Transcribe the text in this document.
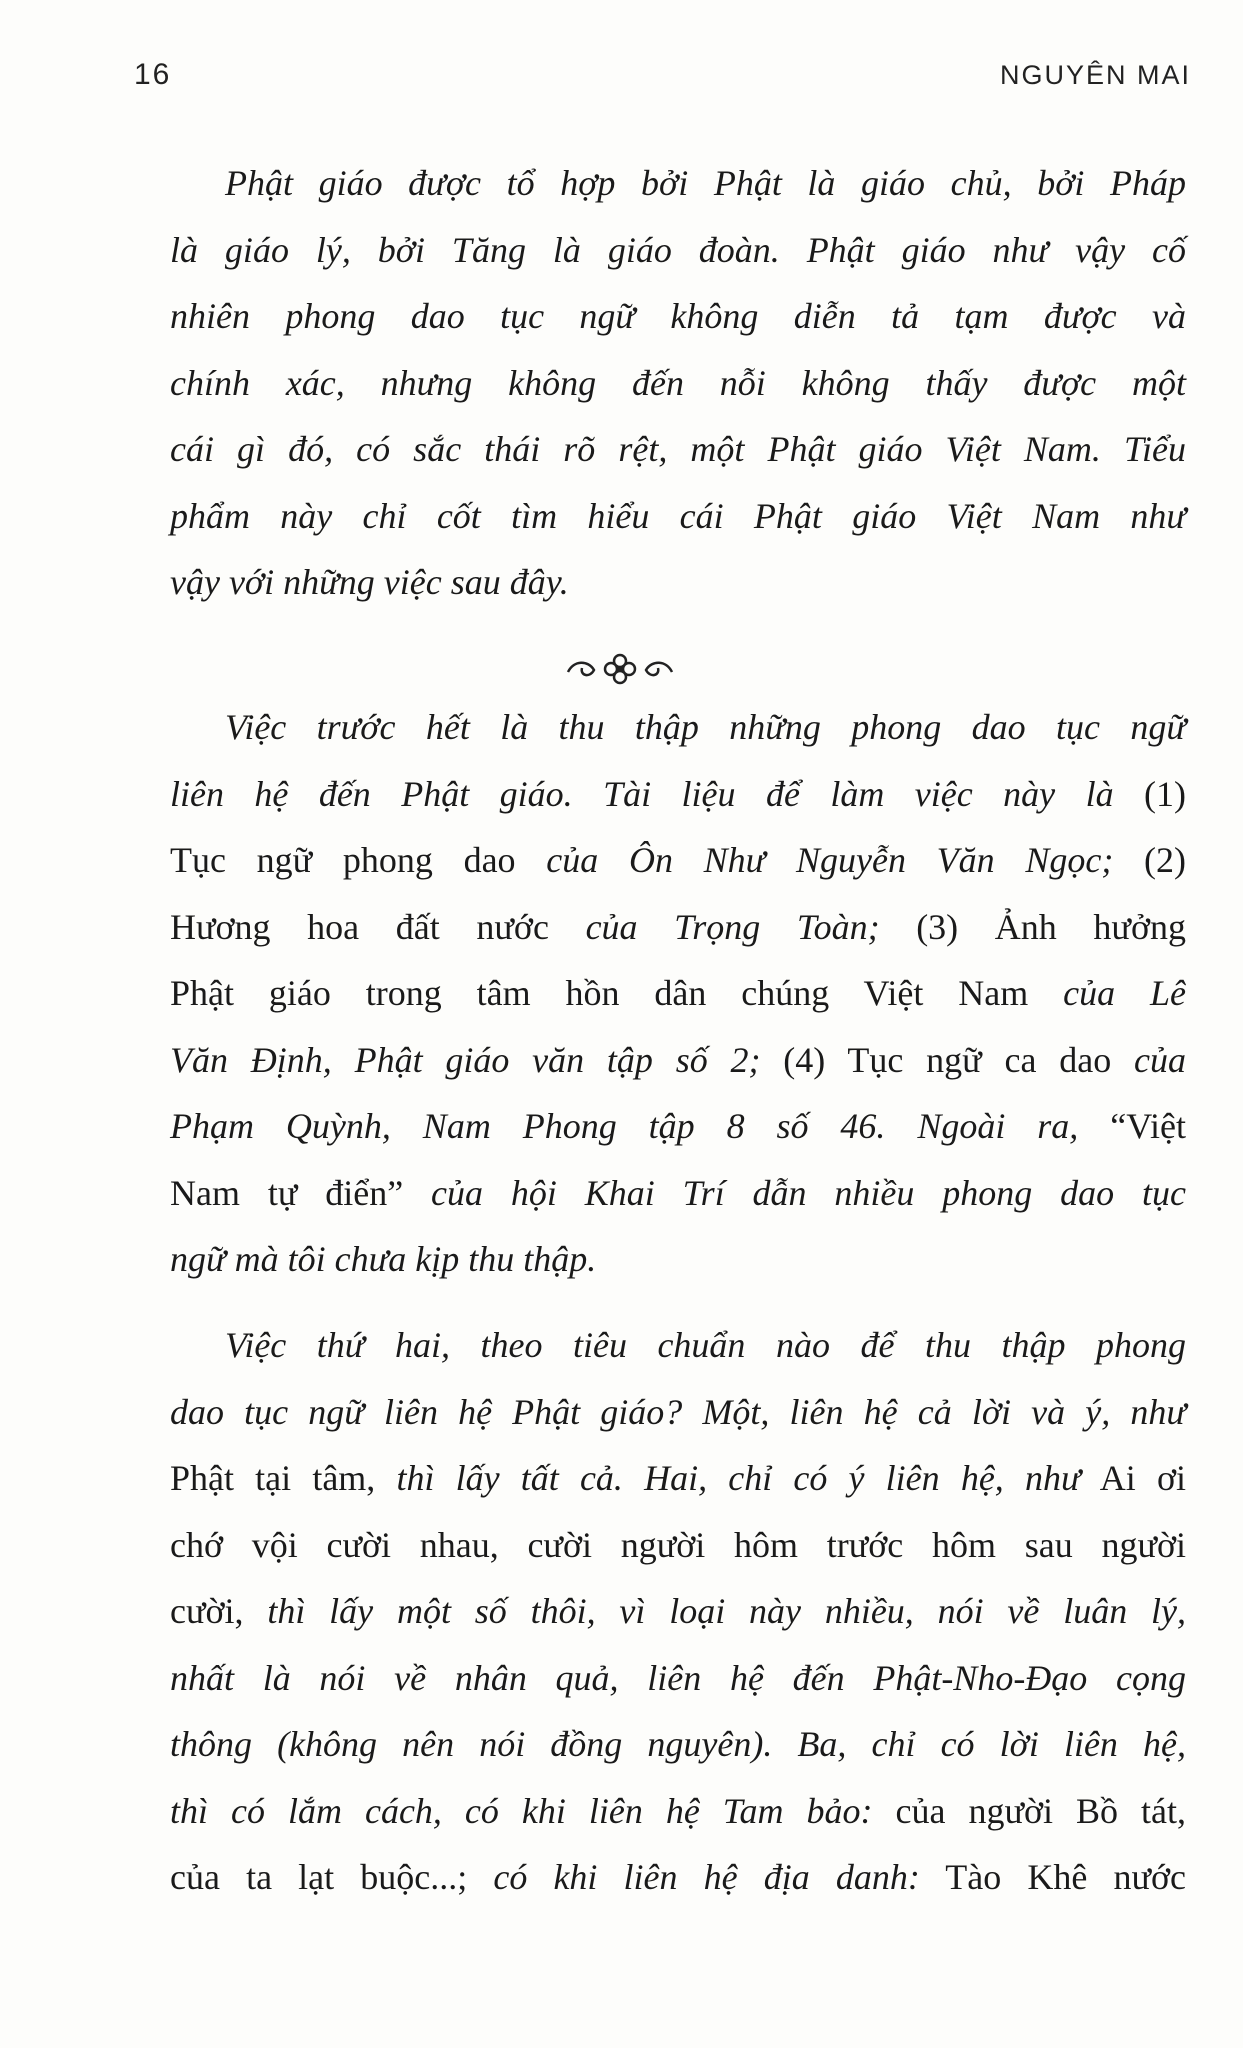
16	NGUYÊN MAI
Phật giáo được tổ hợp bởi Phật là giáo chủ, bởi Pháp
là giáo lý, bởi Tăng là giáo đoàn. Phật giáo như vậy cố
nhiên phong dao tục ngữ không diễn tả tạm được và
chính xác, nhưng không đến nỗi không thấy được một
cái gì đó, có sắc thái rõ rệt, một Phật giáo Việt Nam. Tiểu
phẩm này chỉ cốt tìm hiểu cái Phật giáo Việt Nam như
vậy với những việc sau đây.
Việc trước hết là thu thập những phong dao tục ngữ
liên hệ đến Phật giáo. Tài liệu để làm việc này là (1)
Tục ngữ phong dao của Ôn Như Nguyễn Văn Ngọc; (2)
Hương hoa đất nước của Trọng Toàn; (3) Ảnh hưởng
Phật giáo trong tâm hồn dân chúng Việt Nam của Lê
Văn Định, Phật giáo văn tập số 2; (4) Tục ngữ ca dao của
Phạm Quỳnh, Nam Phong tập 8 số 46. Ngoài ra, “Việt
Nam tự điển” của hội Khai Trí dẫn nhiều phong dao tục
ngữ mà tôi chưa kịp thu thập.
Việc thứ hai, theo tiêu chuẩn nào để thu thập phong
dao tục ngữ liên hệ Phật giáo? Một, liên hệ cả lời và ý, như
Phật tại tâm, thì lấy tất cả. Hai, chỉ có ý liên hệ, như Ai ơi
chớ vội cười nhau, cười người hôm trước hôm sau người
cười, thì lấy một số thôi, vì loại này nhiều, nói về luân lý,
nhất là nói về nhân quả, liên hệ đến Phật-Nho-Đạo cọng
thông (không nên nói đồng nguyên). Ba, chỉ có lời liên hệ,
thì có lắm cách, có khi liên hệ Tam bảo: của người Bồ tát,
của ta lạt buộc...; có khi liên hệ địa danh: Tào Khê nước
